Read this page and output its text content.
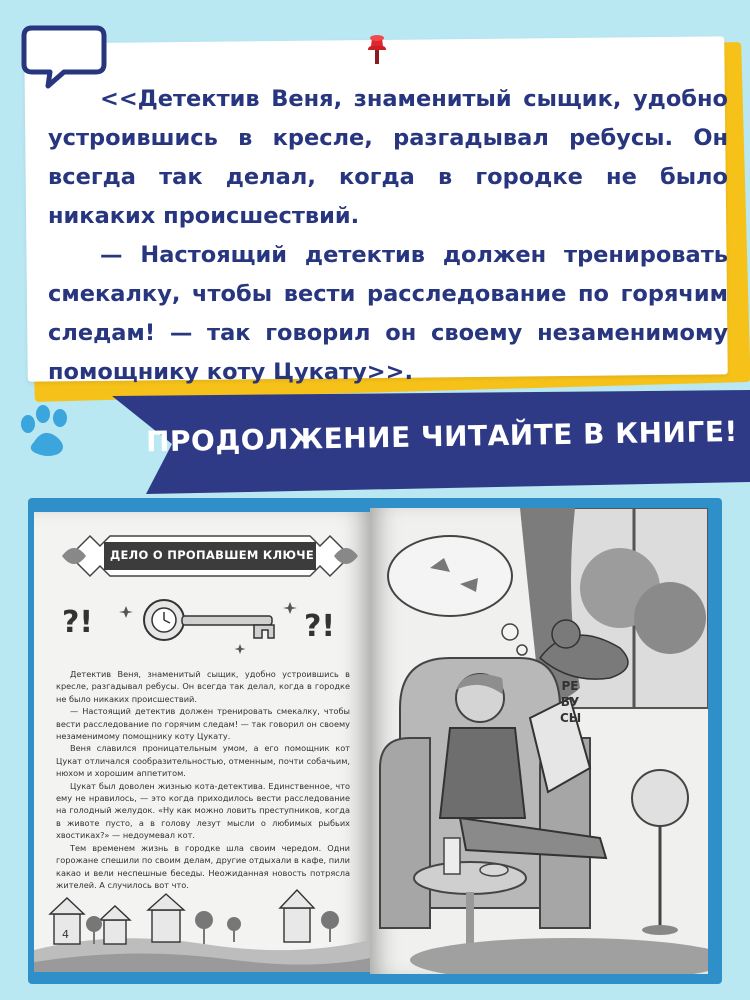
<<Детектив Веня, знаменитый сыщик, удобно устроившись в кресле, разгадывал ребусы. Он всегда так делал, когда в городке не было никаких происшествий.

— Настоящий детектив должен тренировать смекалку, чтобы вести расследование по горячим следам! — так говорил он своему незаменимому помощнику коту Цукату>>.

ПРОДОЛЖЕНИЕ ЧИТАЙТЕ В КНИГЕ!
ДЕЛО О ПРОПАВШЕМ КЛЮЧЕ
?!	?!

Детектив Веня, знаменитый сыщик, удобно устроившись в кресле, разгадывал ребусы. Он всегда так делал, когда в городке не было никаких происшествий.

— Настоящий детектив должен тренировать смекалку, чтобы вести расследование по горячим следам! — так говорил он своему незаменимому помощнику коту Цукату.

Веня славился проницательным умом, а его помощник кот Цукат отличался сообразительностью, отменным, почти собачьим, нюхом и хорошим аппетитом.

Цукат был доволен жизнью кота-детектива. Единственное, что ему не нравилось, — это когда приходилось вести расследование на голодный желудок. «Ну как можно ловить преступников, когда в животе пусто, а в голову лезут мысли о любимых рыбьих хвостиках?» — недоумевал кот.

Тем временем жизнь в городке шла своим чередом. Одни горожане спешили по своим делам, другие отдыхали в кафе, пили какао и вели неспешные беседы. Неожиданная новость потрясла жителей. А случилось вот что.

4
РЕ БУ СЫ
